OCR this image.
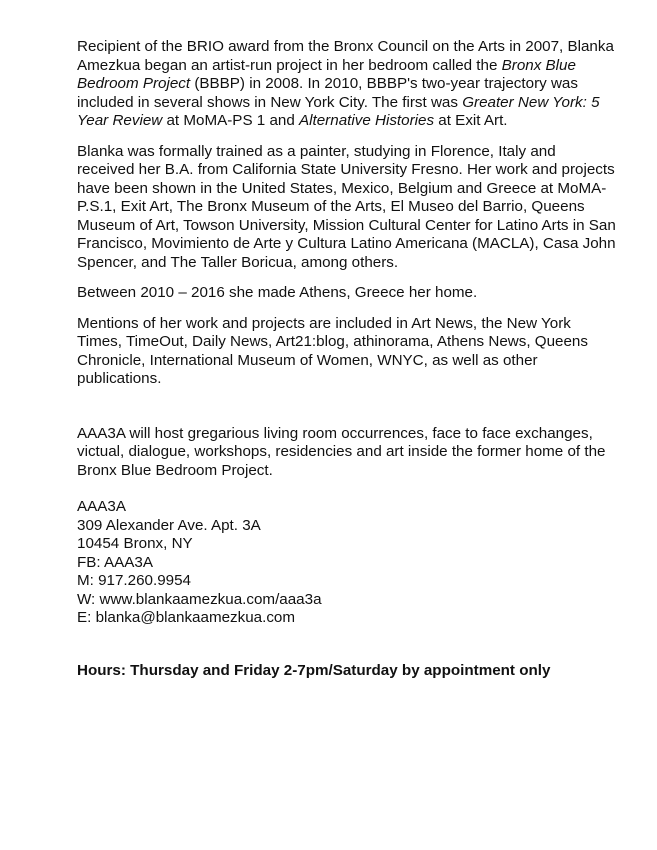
Recipient of the BRIO award from the Bronx Council on the Arts in 2007, Blanka Amezkua began an artist-run project in her bedroom called the Bronx Blue Bedroom Project (BBBP) in 2008. In 2010, BBBP's two-year trajectory was included in several shows in New York City. The first was Greater New York: 5 Year Review at MoMA-PS 1 and Alternative Histories at Exit Art.

Blanka was formally trained as a painter, studying in Florence, Italy and received her B.A. from California State University Fresno. Her work and projects have been shown in the United States, Mexico, Belgium and Greece at MoMA-P.S.1, Exit Art, The Bronx Museum of the Arts, El Museo del Barrio, Queens Museum of Art, Towson University, Mission Cultural Center for Latino Arts in San Francisco, Movimiento de Arte y Cultura Latino Americana (MACLA), Casa John Spencer, and The Taller Boricua, among others.

Between 2010 – 2016 she made Athens, Greece her home.

Mentions of her work and projects are included in Art News, the New York Times, TimeOut, Daily News, Art21:blog, athinorama, Athens News, Queens Chronicle, International Museum of Women, WNYC, as well as other publications.

AAA3A will host gregarious living room occurrences, face to face exchanges, victual, dialogue, workshops, residencies and art inside the former home of the Bronx Blue Bedroom Project.

AAA3A
309 Alexander Ave. Apt. 3A
10454 Bronx, NY
FB: AAA3A
M: 917.260.9954
W: www.blankaamezkua.com/aaa3a
E: blanka@blankaamezkua.com

Hours: Thursday and Friday 2-7pm/Saturday by appointment only
